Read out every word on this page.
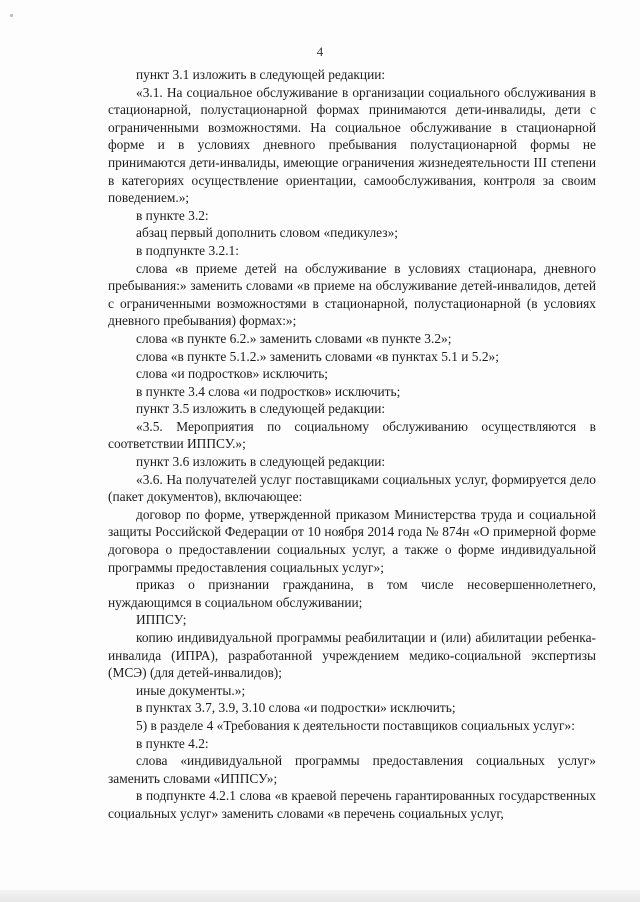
4

пункт 3.1 изложить в следующей редакции:

«3.1. На социальное обслуживание в организации социального обслуживания в стационарной, полустационарной формах принимаются дети-инвалиды, дети с ограниченными возможностями. На социальное обслуживание в стационарной форме и в условиях дневного пребывания полустационарной формы не принимаются дети-инвалиды, имеющие ограничения жизнедеятельности III степени в категориях осуществление ориентации, самообслуживания, контроля за своим поведением.»;

в пункте 3.2:

абзац первый дополнить словом «педикулез»;

в подпункте 3.2.1:

слова «в приеме детей на обслуживание в условиях стационара, дневного пребывания:» заменить словами «в приеме на обслуживание детей-инвалидов, детей с ограниченными возможностями в стационарной, полустационарной (в условиях дневного пребывания) формах:»;

слова «в пункте 6.2.» заменить словами «в пункте 3.2»;

слова «в пункте 5.1.2.» заменить словами «в пунктах 5.1 и 5.2»;

слова «и подростков» исключить;

в пункте 3.4 слова «и подростков» исключить;

пункт 3.5 изложить в следующей редакции:

«3.5. Мероприятия по социальному обслуживанию осуществляются в соответствии ИППСУ.»;

пункт 3.6 изложить в следующей редакции:

«3.6. На получателей услуг поставщиками социальных услуг, формируется дело (пакет документов), включающее:

договор по форме, утвержденной приказом Министерства труда и социальной защиты Российской Федерации от 10 ноября 2014 года № 874н «О примерной форме договора о предоставлении социальных услуг, а также о форме индивидуальной программы предоставления социальных услуг»;

приказ о признании гражданина, в том числе несовершеннолетнего, нуждающимся в социальном обслуживании;

ИППСУ;

копию индивидуальной программы реабилитации и (или) абилитации ребенка-инвалида (ИПРА), разработанной учреждением медико-социальной экспертизы (МСЭ) (для детей-инвалидов);

иные документы.»;

в пунктах 3.7, 3.9, 3.10 слова «и подростки» исключить;

5) в разделе 4 «Требования к деятельности поставщиков социальных услуг»:

в пункте 4.2:

слова «индивидуальной программы предоставления социальных услуг» заменить словами «ИППСУ»;

в подпункте 4.2.1 слова «в краевой перечень гарантированных государственных социальных услуг» заменить словами «в перечень социальных услуг,
